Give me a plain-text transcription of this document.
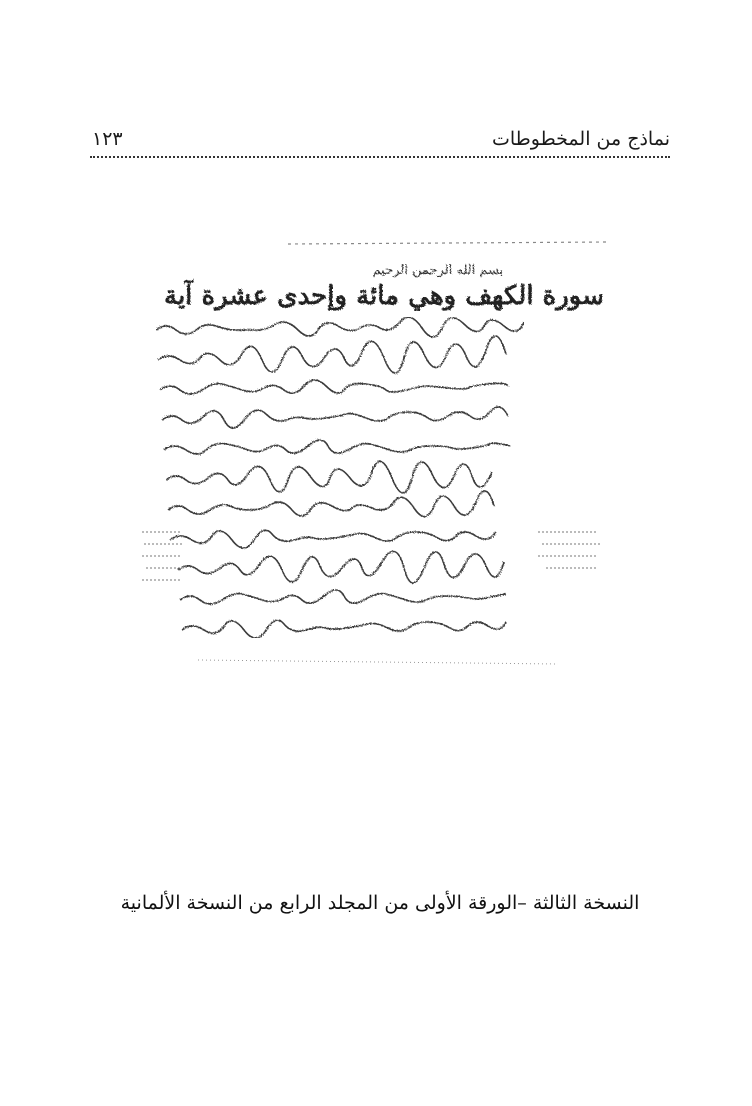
نماذج من المخطوطات
١٢٣
بسم الله الرحمن الرحيم
سورة الكهف وهي مائة وإحدى عشرة آية
النسخة الثالثة –الورقة الأولى من المجلد الرابع من النسخة الألمانية
